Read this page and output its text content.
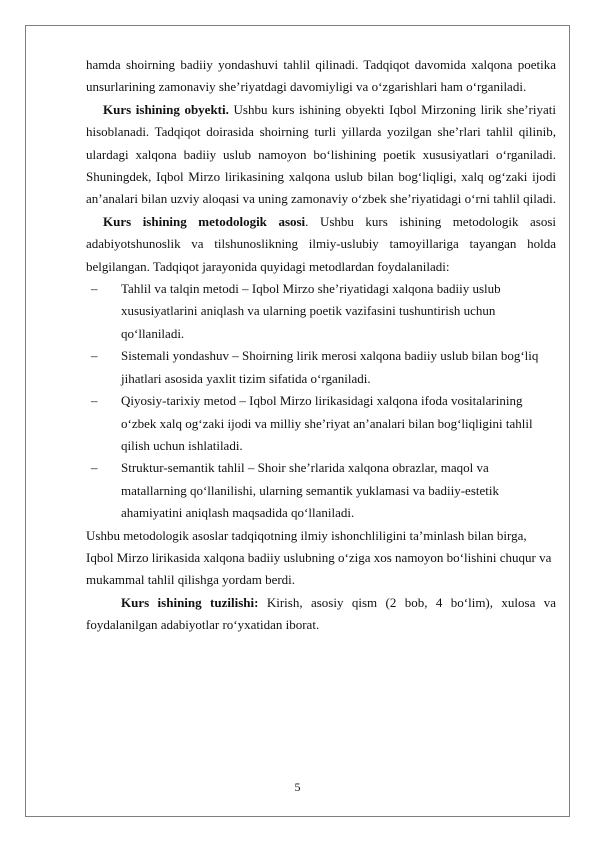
hamda shoirning badiiy yondashuvi tahlil qilinadi. Tadqiqot davomida xalqona poetika unsurlarining zamonaviy she’riyatdagi davomiyligi va o‘zgarishlari ham o‘rganiladi.

Kurs ishining obyekti. Ushbu kurs ishining obyekti Iqbol Mirzoning lirik she’riyati hisoblanadi. Tadqiqot doirasida shoirning turli yillarda yozilgan she’rlari tahlil qilinib, ulardagi xalqona badiiy uslub namoyon bo‘lishining poetik xususiyatlari o‘rganiladi. Shuningdek, Iqbol Mirzo lirikasining xalqona uslub bilan bog‘liqligi, xalq og‘zaki ijodi an’analari bilan uzviy aloqasi va uning zamonaviy o‘zbek she’riyatidagi o‘rni tahlil qiladi.

Kurs ishining metodologik asosi. Ushbu kurs ishining metodologik asosi adabiyotshunoslik va tilshunoslikning ilmiy-uslubiy tamoyillariga tayangan holda belgilangan. Tadqiqot jarayonida quyidagi metodlardan foydalaniladi:

– Tahlil va talqin metodi – Iqbol Mirzo she’riyatidagi xalqona badiiy uslub xususiyatlarini aniqlash va ularning poetik vazifasini tushuntirish uchun qo‘llaniladi.
– Sistemali yondashuv – Shoirning lirik merosi xalqona badiiy uslub bilan bog‘liq jihatlari asosida yaxlit tizim sifatida o‘rganiladi.
– Qiyosiy-tarixiy metod – Iqbol Mirzo lirikasidagi xalqona ifoda vositalarining o‘zbek xalq og‘zaki ijodi va milliy she’riyat an’analari bilan bog‘liqligini tahlil qilish uchun ishlatiladi.
– Struktur-semantik tahlil – Shoir she’rlarida xalqona obrazlar, maqol va matallarning qo‘llanilishi, ularning semantik yuklamasi va badiiy-estetik ahamiyatini aniqlash maqsadida qo‘llaniladi.

Ushbu metodologik asoslar tadqiqotning ilmiy ishonchliligini ta’minlash bilan birga, Iqbol Mirzo lirikasida xalqona badiiy uslubning o‘ziga xos namoyon bo‘lishini chuqur va mukammal tahlil qilishga yordam berdi.

Kurs ishining tuzilishi: Kirish, asosiy qism (2 bob, 4 bo‘lim), xulosa va foydalanilgan adabiyotlar ro‘yxatidan iborat.

5
